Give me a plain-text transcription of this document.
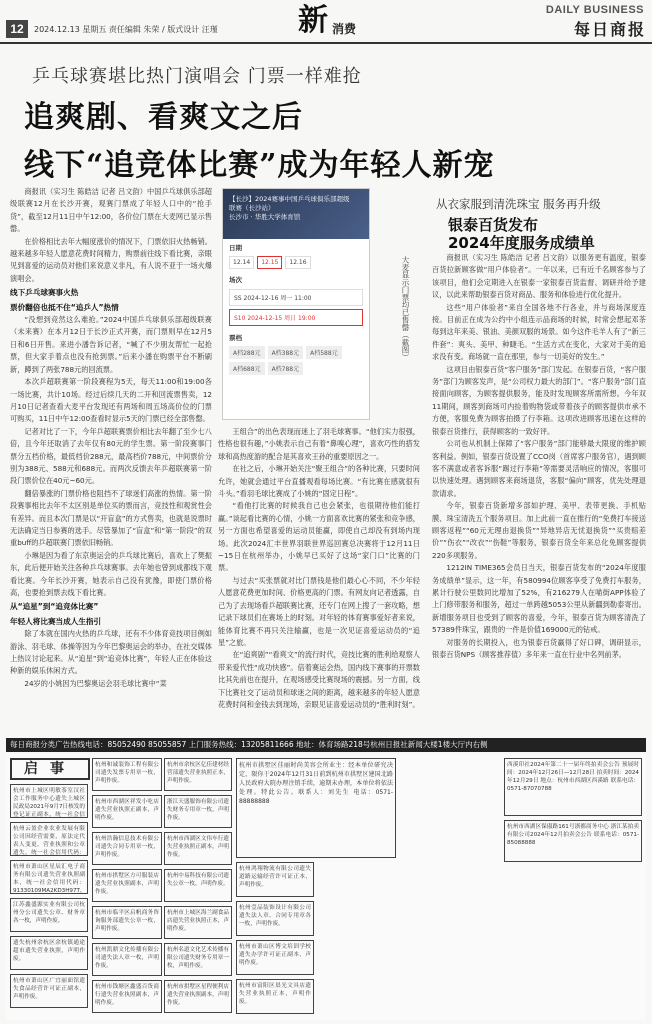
12	2024.12.13 星期五 责任编辑 朱荣 / 版式设计 汪瑾	新 消费
DAILY BUSINESS
每日商报
乒乓球赛堪比热门演唱会 门票一样难抢
追爽剧、看爽文之后
线下“追竞体比赛”成为年轻人新宠

商报讯（实习生 陈皓洁 记者 吕文韵）中国乒乓球俱乐部超级联赛12月在长沙开赛，观赛门票成了年轻人口中的“抢手货”，截至12月11日中午12:00，各价位门票在大麦网已显示售罄。

在价格相比去年大幅度涨价的情况下，门票依旧火热畅销。越来越多年轻人愿意花费时间精力，购票前往线下看比赛，亲眼见到喜爱的运动员对他们来说意义非凡，有人说不亚于一场火爆演唱会。

线下乒乓球赛事火热
票价翻倍也抵不住“追乒人”热情

“没想到竞然这么难抢。”2024中国乒乓球俱乐部超级联赛（未来赛）在本月12日于长沙正式开赛，而门票则早在12月5日和6日开售。来进小潘告诉记者，“喊了不少朋友帮忙一起抢票，但大家手着点也没有抢到票。”后来小潘在购票平台不断刷新，蹲到了两张788元的回流票。

本次乒超联赛第一阶段赛程为5天，每天11:00和19:00各一场比赛，共计10场。经过后续几天的二开和回流票售卖，12月10日记者查看大麦平台发现还有两场和周五场高价位的门票可购买，11日中午12:00查看时显示5天的门票已经全部售罄。

记者对比了一下，今年乒超联赛票价相比去年翻了至少七八倍，且今年还取消了去年仅有80元的学生票。第一阶段赛事门票分五档价格，最低档价288元，最高档价788元，中间票价分别为388元、588元和688元。而两次反馈去年乒超联赛第一阶段门票价位在40元~60元。

翻倍暴涨的门票价格也阻挡不了球迷们高涨的热情。第一阶段赛事相比去年不太区别是单位买的票而言，竞技性和观赏性会有差异。而且本次门票是以“开盲盒”的方式售卖，也就是说票时无法确定当日参赛的选手。尽管暴加了“盲盒”和“第一阶段”的双重buff的乒超联赛门票依旧畅销。

小琳是因为看了东京奥运会的乒乓球比赛后，喜欢上了樊振东，此后便开始关注各种乒乓球赛事。去年她也曾到成都线下观看比赛。今年长沙开赛，她表示自己没有犹豫，即使门票价格高，也要抢到票去线下看比赛。

从“追星”到“追竞体比赛”
年轻人将比赛当成人生指引

除了本就在国内火热的乒乓球，还有不少体育竞技项目例如游泳、羽毛球、体操等因为今年巴黎奥运会的举办，在社交媒体上热议讨论起来。从“追星”到“追竞体比赛”，年轻人正在体验这种新的娱乐休闲方式。

24岁的小姚因为巴黎奥运会羽毛球比赛中“菜

【长沙】2024赛事中国乒乓球俱乐部超级
联赛（长沙站）
长沙市 · 华胜大学体育馆
日期
12.14	12.15	12.16
场次
SS 2024-12-16 周一 11:00
S10 2024-12-15 周日 19:00
票档
A档288元	A档388元	A档588元
A档688元	A档788元
大麦显示门票均已售罄（截图）

王组合”的出色表现而迷上了羽毛球赛事。“他们实力很强，性格也很有趣，”小姚表示自己有着“鼻嗅心理”，喜欢巧性的搭发球和高热度游的配合是其喜欢王孙的重要原因之一。

在社之后，小琳开始关注“聚王组合”的各种比赛，只要时间允许，她就会通过平台直播观看每场比赛。“有比赛在感就很有斗头。”看羽毛球比赛成了小姚的“固定日程”。

“看他打比赛的时候我自己也会紧张，也很期待他们能打赢。”谈起看比赛的心情，小姚一方面喜欢比赛的紧张和竞争感，另一方面也希望喜爱的运动员能赢，即使自己却没有到场内现场。此次2024汇丰世界羽联世界巡回赛总决赛将于12月11日~15日在杭州举办，小姚早已买好了这场“家门口”比赛的门票。

与过去“买张票就对比门票钱是他们最心心不同，不少年轻人愿意花费更加时间、价格更高的门票。有网友向记者透露，自己为了去现场看乒超联赛比赛，还专门在网上搜了一套攻略，想记录下球员们在赛场上的时刻。对年轻的体育赛事爱好者来说，能体育比赛不再只关注输赢，也是一次见证喜爱运动员的“追星”之旅。

在“追爽剧”“看爽文”的流行时代，竞技比赛的胜利给观察人带来爱代性“成功快感”。倍着赛运会热，国内线下赛事的开票数比其先前也在提升，在观场感受比赛现场的震撼。另一方面，线下比赛社交了运动员和球迷之间的距离，越来越多的年轻人愿意花费时间和金钱去到现场，亲眼见证喜爱运动员的“胜利时刻”。

从衣家服到清洗珠宝 服务再升级
银泰百货发布
2024年度服务成绩单

商报讯（实习生 陈皓洁 记者 吕文韵）以服务更有温度，银泰百货拉新顾客做“用户体验者”。一年以来，已有近千名顾客参与了该项目，他们会定期进入在银泰一家银泰百货监督、调研并给予建议，以此来帮助银泰百货对商品、服务和体验进行优化提升。

这些“用户体验者”来自全国各地不行各业，并与商场深度连接。目前正在成为公约中小组连示品商场的时候，时常会想起邓茶每到这年来美、银油、美颜双服的场景。如今这件毛羊人有了“新三件套”：爽头、美甲、种睫毛。“生活方式在变化，大家对于美的追求没有变。商场就一直在那里，参与一切美好的发生。”

这项目由银泰百货“客户服务”部门发起。在银泰百货，“客户服务”部门为顾客发声，是“公司权力最大的部门”。“客户服务”部门直接面向顾客，为顾客提供服务，能及时发现顾客所需所想。今年双11期间，顾客到商场可内捡着购物袋或带着孩子的顾客提供市承不方便，客服免费为顾客拍摄了行李箱。这项改进顾客迅速在这样的银泰百货推行，获得顾客的一致好评。

公司也从机制上保障了“客户服务”部门能够最大限度的维护顾客利益。例如，银泰百货设置了CCO岗（首席客户服务官），遇到顾客不满意或者客诉服“踢过行李箱”等需要灵活响应的情况，客服可以快速处理。遇到顾客来商场退货，客服“偏向”顾客，优先处理退款请求。

今年，银泰百货新增多部如护理、美甲、表带更换、手机贴膜、珠宝清洗五个服务项目。加上此前一直在推行的“免费打车接送顾客返程”“60元无理由退换货”“异地异店无忧退换货”“买贵赔差价”“伤衣”“改衣”“伤鞋”等服务，银泰百货全年来总化免顾客提供220多项服务。

1212IN TIME365会员日当天，银泰百货发布的“2024年度服务成绩单”显示，这一年，有580994位顾客享受了免费打车服务，累计行驶公里数同比增加了52%，有216279人在喵街APP体验了上门修带服务和服务，超过一单跨越5053公里从新疆到勒泰寄出。新增服务项目也受到了顾客的喜爱，今年，银泰百货为顾客清洗了57389件珠宝，跟贵的一件是价值169000元的钻戒。

对服务的长期投入，也为银泰百货赢得了好口碑，调研显示，银泰百货NPS（顾客推荐值）多年来一直在行业中名列前茅。

每日商报分类广告热线电话：85052490 85055857 上门服务热线：13205811666 地址：体育场路218号杭州日报社新闻大楼1楼大厅内右侧
启事	杭州市拱墅区佳丽时尚美容会所业主：经本单位研究决定，限你于2024年12月31日前到杭州市拱墅区建国北路人民政府大院办理注销手续，逾期未办理，本单位将依法处理。特此公告。联系人：刘先生 电话：0571-88888888
西溪印社2024年第二十一届年终拍卖会公告 预展时间：2024年12月26日—12月28日 拍卖时间：2024年12月29日 地点：杭州市西湖区西溪路 联系电话：0571-87070788
杭州市西湖区保俶路161号浙都商务中心 浙江某拍卖有限公司2024年12月拍卖会公告 联系电话：0571-85088888
杭州市上城区明敏茶室汉社会工作服务中心遗失上城区民政局2021年9月7日核发的登记证正副本，统一社会信
杭州云盈企业农业发展有限公司因经营需要，原法定代表人变更，营业执照和公章遗失，统一社会信用代码：
杭州市萧山区星辰汇电子商务有限公司遗失营业执照副本，统一社会信用代码：91330109MA2KD3H97T，
江苏鑫盛源实业有限公司杭州分公司遗失公章、财务章各一枚，声明作废。
遗失杭州余杭区余杭镇通途超市遗失营业执照，声明作废。
杭州市萧山区广宜丽面馆遗失食品经营许可证正副本，声明作废。
杭州和诚装饰工程有限公司遗失发票专用章一枚，声明作废。
杭州市西湖区祥发小吃店遗失营业执照正副本，声明作废。
杭州浩瀚信息技术有限公司遗失合同专用章一枚，声明作废。
杭州市拱墅区方可服装店遗失营业执照副本，声明作废。
杭州市临平区启帆商务咨询服务部遗失公章一枚，声明作废。
杭州凯鼎文化传播有限公司遗失法人章一枚，声明作废。
杭州市钱塘区鑫盛百货商行遗失营业执照副本，声明作废。
杭州市余杭区亿佳建材经营部遗失营业执照正本，声明作废。
浙江天盛服饰有限公司遗失财务专用章一枚，声明作废。
杭州市西湖区文伟车行遗失营业执照正副本，声明作废。
杭州中易科技有限公司遗失公章一枚，声明作废。
杭州市上城区海兰副食品店遗失营业执照正本，声明作废。
杭州名道文化艺术传播有限公司遗失财务专用章一枚，声明作废。
杭州市拱墅区星程便利店遗失营业执照副本，声明作废。
杭州鸿翔物流有限公司遗失道路运输经营许可证正本，声明作废。
杭州壹品装饰设计有限公司遗失法人章、合同专用章各一枚，声明作废。
杭州市萧山区博文培训学校遗失办学许可证正副本，声明作废。
杭州市富阳区晨光文具店遗失营业执照正本，声明作废。
